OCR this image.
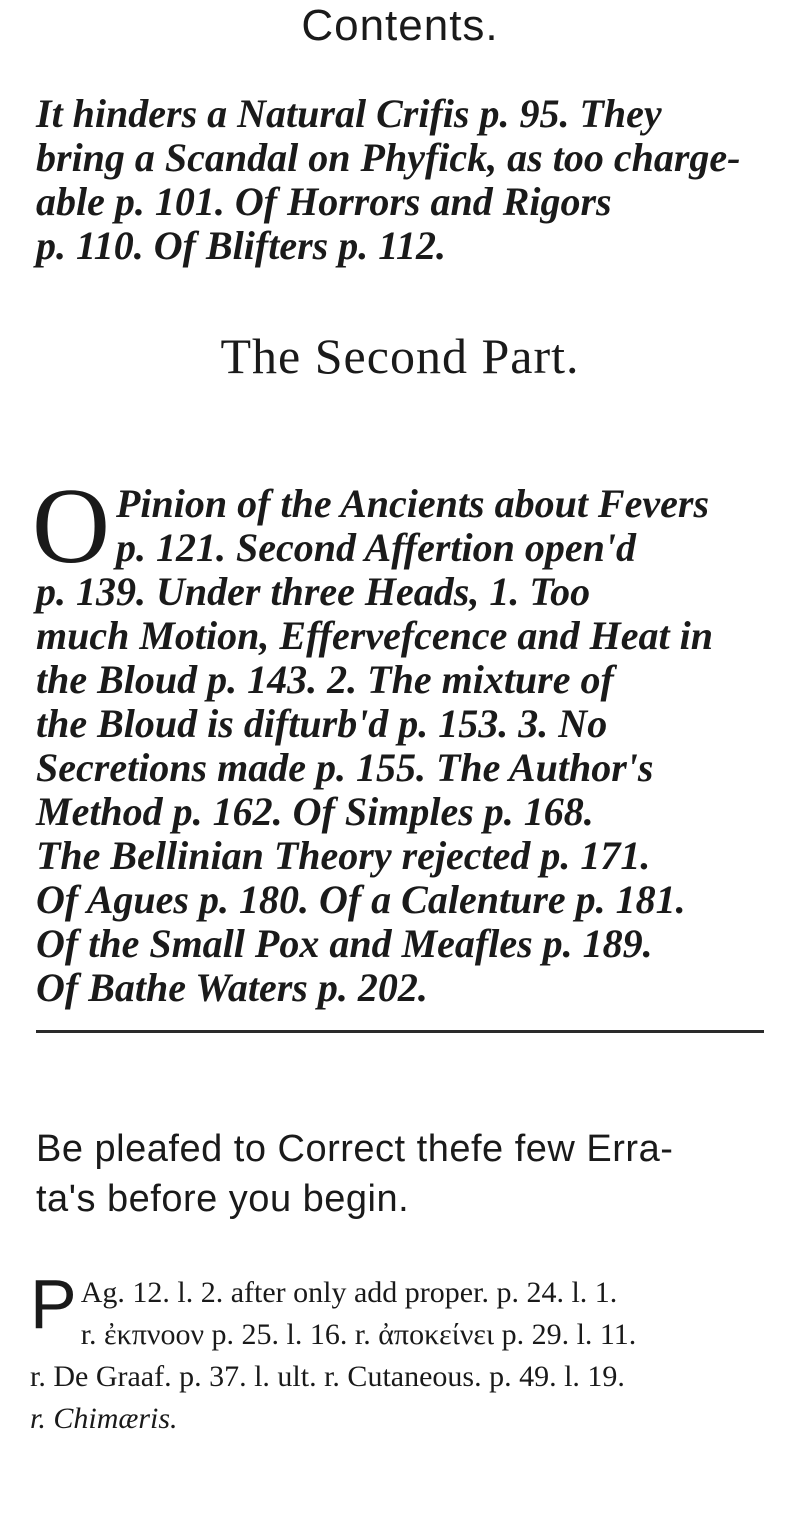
Contents.
It hinders a Natural Crifis p. 95. They
bring a Scandal on Phyfick, as too charge-
able p. 101. Of Horrors and Rigors
p. 110. Of Blifters p. 112.
The Second Part.
O Pinion of the Ancients about Fevers
p. 121. Second Affertion open'd
p. 139. Under three Heads, 1. Too
much Motion, Effervefcence and Heat in
the Bloud p. 143. 2. The mixture of
the Bloud is difturb'd p. 153. 3. No
Secretions made p. 155. The Author's
Method p. 162. Of Simples p. 168.
The Bellinian Theory rejected p. 171.
Of Agues p. 180. Of a Calenture p. 181.
Of the Small Pox and Meafles p. 189.
Of Bathe Waters p. 202.
Be pleafed to Correct thefe few Erra-
ta's before you begin.
P Ag. 12. l. 2. after only add proper. p. 24. l. 1.
r. ἐκπνοον p. 25. l. 16. r. ἀποκείνει p. 29. l. 11.
r. De Graaf. p. 37. l. ult. r. Cutaneous. p. 49. l. 19.
r. Chimæris.
